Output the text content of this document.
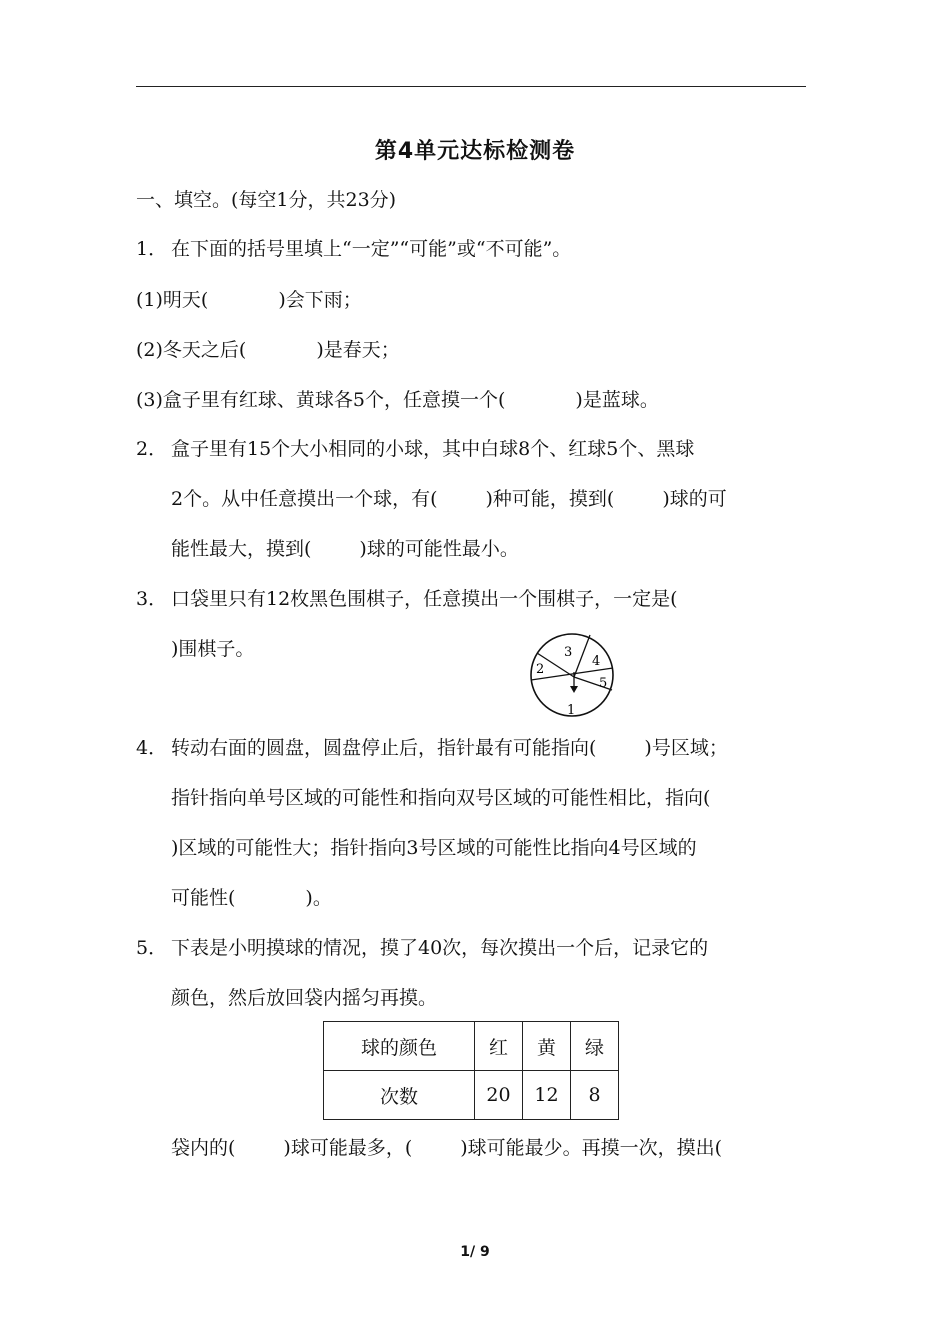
第4单元达标检测卷
一、填空。(每空1分，共23分)
1． 在下面的括号里填上“一定”“可能”或“不可能”。
(1)明天(	)会下雨；
(2)冬天之后(	)是春天；
(3)盒子里有红球、黄球各5个，任意摸一个(	)是蓝球。
2． 盒子里有15个大小相同的小球，其中白球8个、红球5个、黑球
2个。从中任意摸出一个球，有(	)种可能，摸到(	)球的可
能性最大，摸到(	)球的可能性最小。
3． 口袋里只有12枚黑色围棋子，任意摸出一个围棋子，一定是(
)围棋子。
1
2
3
4
5
4． 转动右面的圆盘，圆盘停止后，指针最有可能指向(	)号区域；
指针指向单号区域的可能性和指向双号区域的可能性相比，指向(
)区域的可能性大；指针指向3号区域的可能性比指向4号区域的
可能性(	)。
5． 下表是小明摸球的情况，摸了40次，每次摸出一个后，记录它的
颜色，然后放回袋内摇匀再摸。
球的颜色	红	黄	绿
次数	20	12	8
袋内的(	)球可能最多，(	)球可能最少。再摸一次，摸出(
1/ 9
